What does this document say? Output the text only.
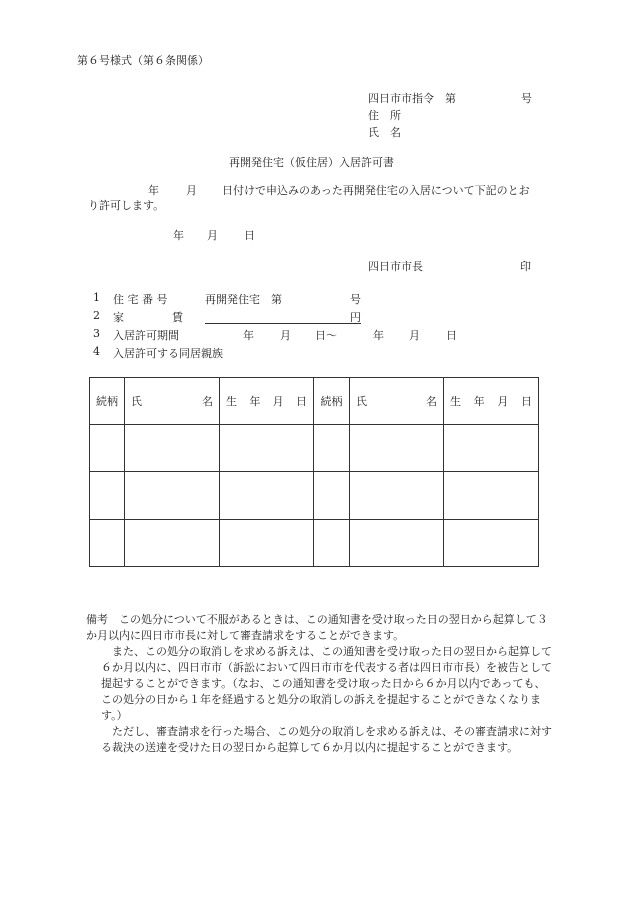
第６号様式（第６条関係）
四日市市指令　第	号
住　所
氏　名
再開発住宅（仮住居）入居許可書
年 月 日付けで申込みのあった再開発住宅の入居について下記のとお
り許可します。
年 月 日
四日市市長	印
1 住 宅 番 号	再開発住宅　第	号
2 家	賃	円
3 入居許可期間	年 月 日～	年 月 日
4 入居許可する同居親族
続柄	氏 名	生 年 月 日	続柄	氏 名	生 年 月 日

備考　 この処分について不服があるときは、この通知書を受け取った日の翌日から起算して３か月以内に四日市市長に対して審査請求をすることができます。

また、この処分の取消しを求める訴えは、この通知書を受け取った日の翌日から起算して６か月以内に、四日市市（訴訟において四日市市を代表する者は四日市市長）を被告として提起することができます。（なお、この通知書を受け取った日から６か月以内であっても、この処分の日から１年を経過すると処分の取消しの訴えを提起することができなくなります。）

ただし、審査請求を行った場合、この処分の取消しを求める訴えは、その審査請求に対する裁決の送達を受けた日の翌日から起算して６か月以内に提起することができます。
